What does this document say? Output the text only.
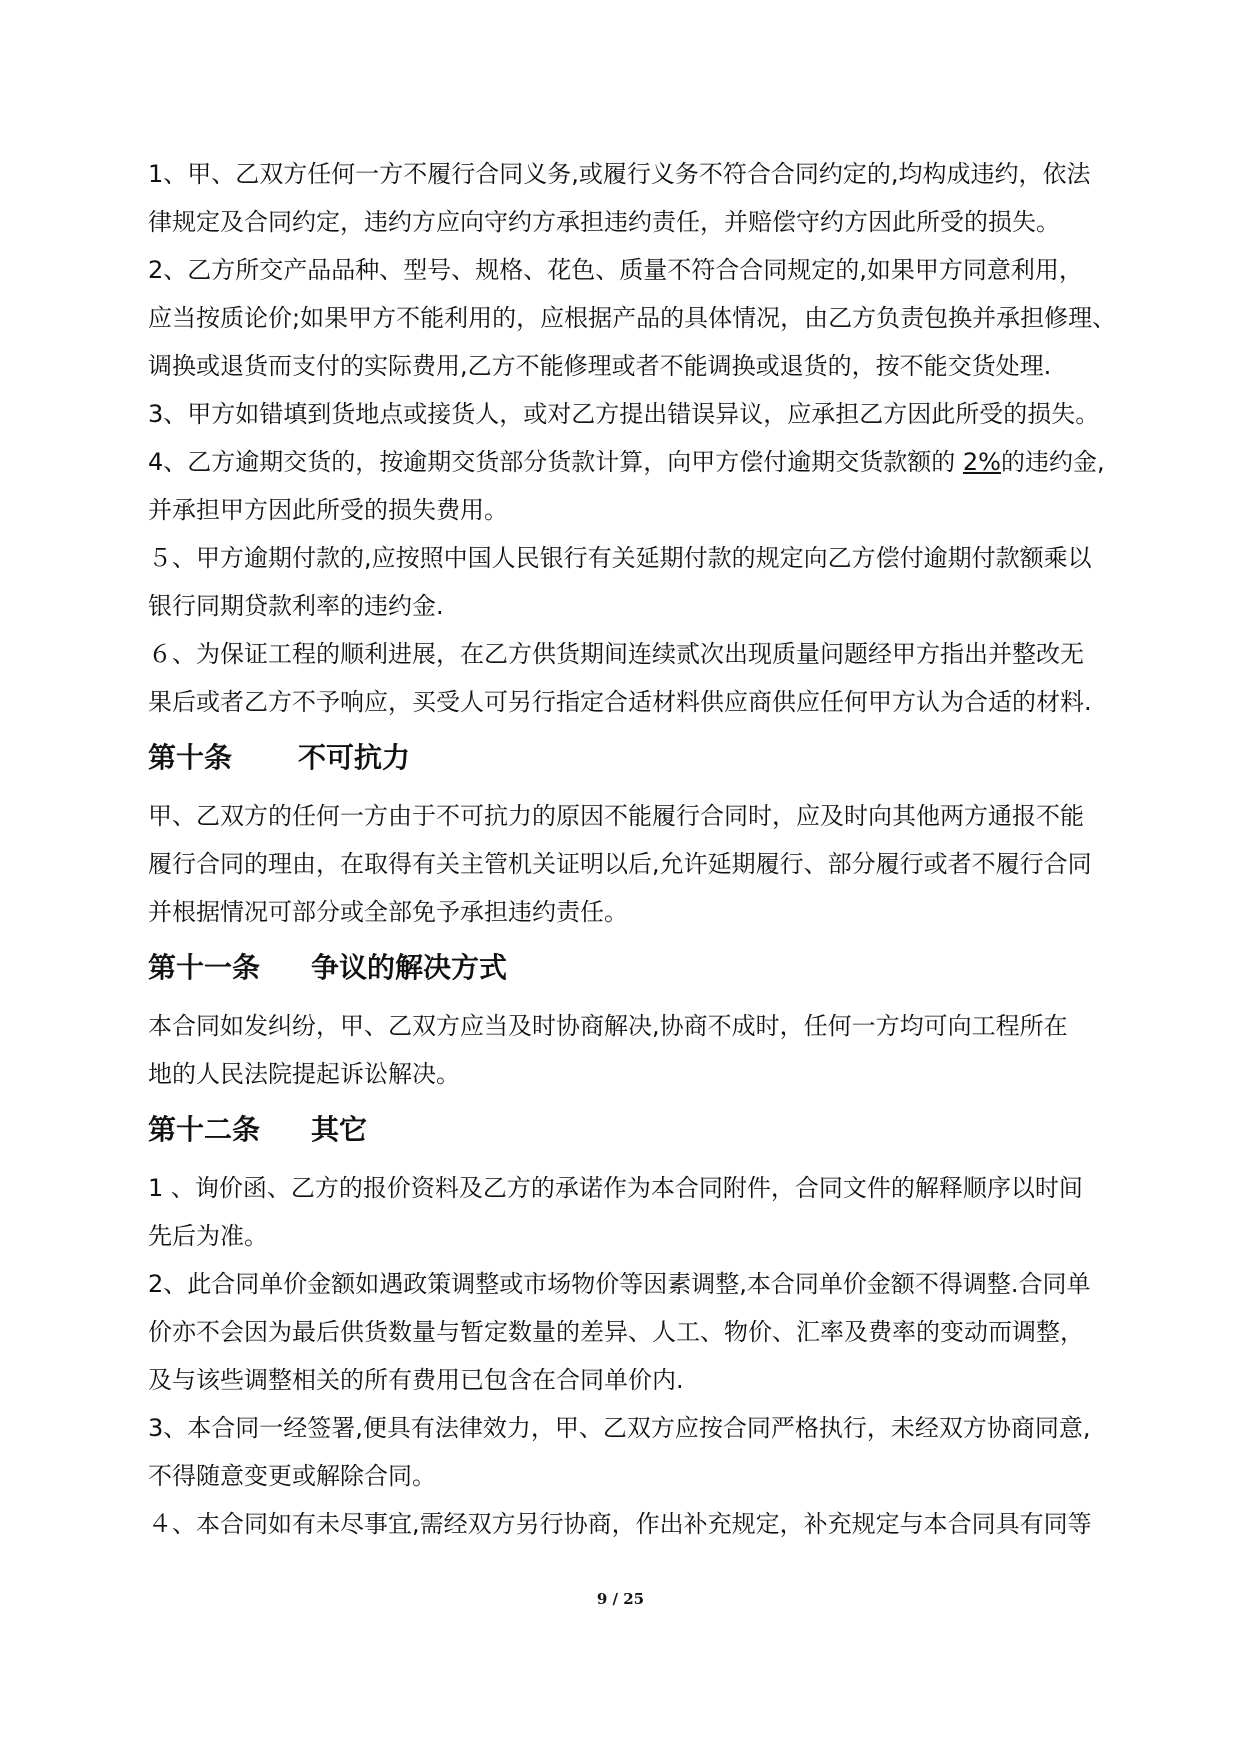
1、甲、乙双方任何一方不履行合同义务,或履行义务不符合合同约定的,均构成违约，依法
律规定及合同约定，违约方应向守约方承担违约责任，并赔偿守约方因此所受的损失。
2、乙方所交产品品种、型号、规格、花色、质量不符合合同规定的,如果甲方同意利用，
应当按质论价;如果甲方不能利用的，应根据产品的具体情况，由乙方负责包换并承担修理、
调换或退货而支付的实际费用,乙方不能修理或者不能调换或退货的，按不能交货处理.
3、甲方如错填到货地点或接货人，或对乙方提出错误异议，应承担乙方因此所受的损失。
4、乙方逾期交货的，按逾期交货部分货款计算，向甲方偿付逾期交货款额的 2%的违约金,
并承担甲方因此所受的损失费用。
５、甲方逾期付款的,应按照中国人民银行有关延期付款的规定向乙方偿付逾期付款额乘以
银行同期贷款利率的违约金.
６、为保证工程的顺利进展，在乙方供货期间连续贰次出现质量问题经甲方指出并整改无
果后或者乙方不予响应，买受人可另行指定合适材料供应商供应任何甲方认为合适的材料.
第十条 不可抗力
甲、乙双方的任何一方由于不可抗力的原因不能履行合同时，应及时向其他两方通报不能
履行合同的理由，在取得有关主管机关证明以后,允许延期履行、部分履行或者不履行合同
并根据情况可部分或全部免予承担违约责任。
第十一条 争议的解决方式
本合同如发纠纷，甲、乙双方应当及时协商解决,协商不成时，任何一方均可向工程所在
地的人民法院提起诉讼解决。
第十二条 其它
1 、询价函、乙方的报价资料及乙方的承诺作为本合同附件，合同文件的解释顺序以时间
先后为准。
2、此合同单价金额如遇政策调整或市场物价等因素调整,本合同单价金额不得调整.合同单
价亦不会因为最后供货数量与暂定数量的差异、人工、物价、汇率及费率的变动而调整，
及与该些调整相关的所有费用已包含在合同单价内.
3、本合同一经签署,便具有法律效力，甲、乙双方应按合同严格执行，未经双方协商同意,
不得随意变更或解除合同。
４、本合同如有未尽事宜,需经双方另行协商，作出补充规定，补充规定与本合同具有同等
9 / 25
